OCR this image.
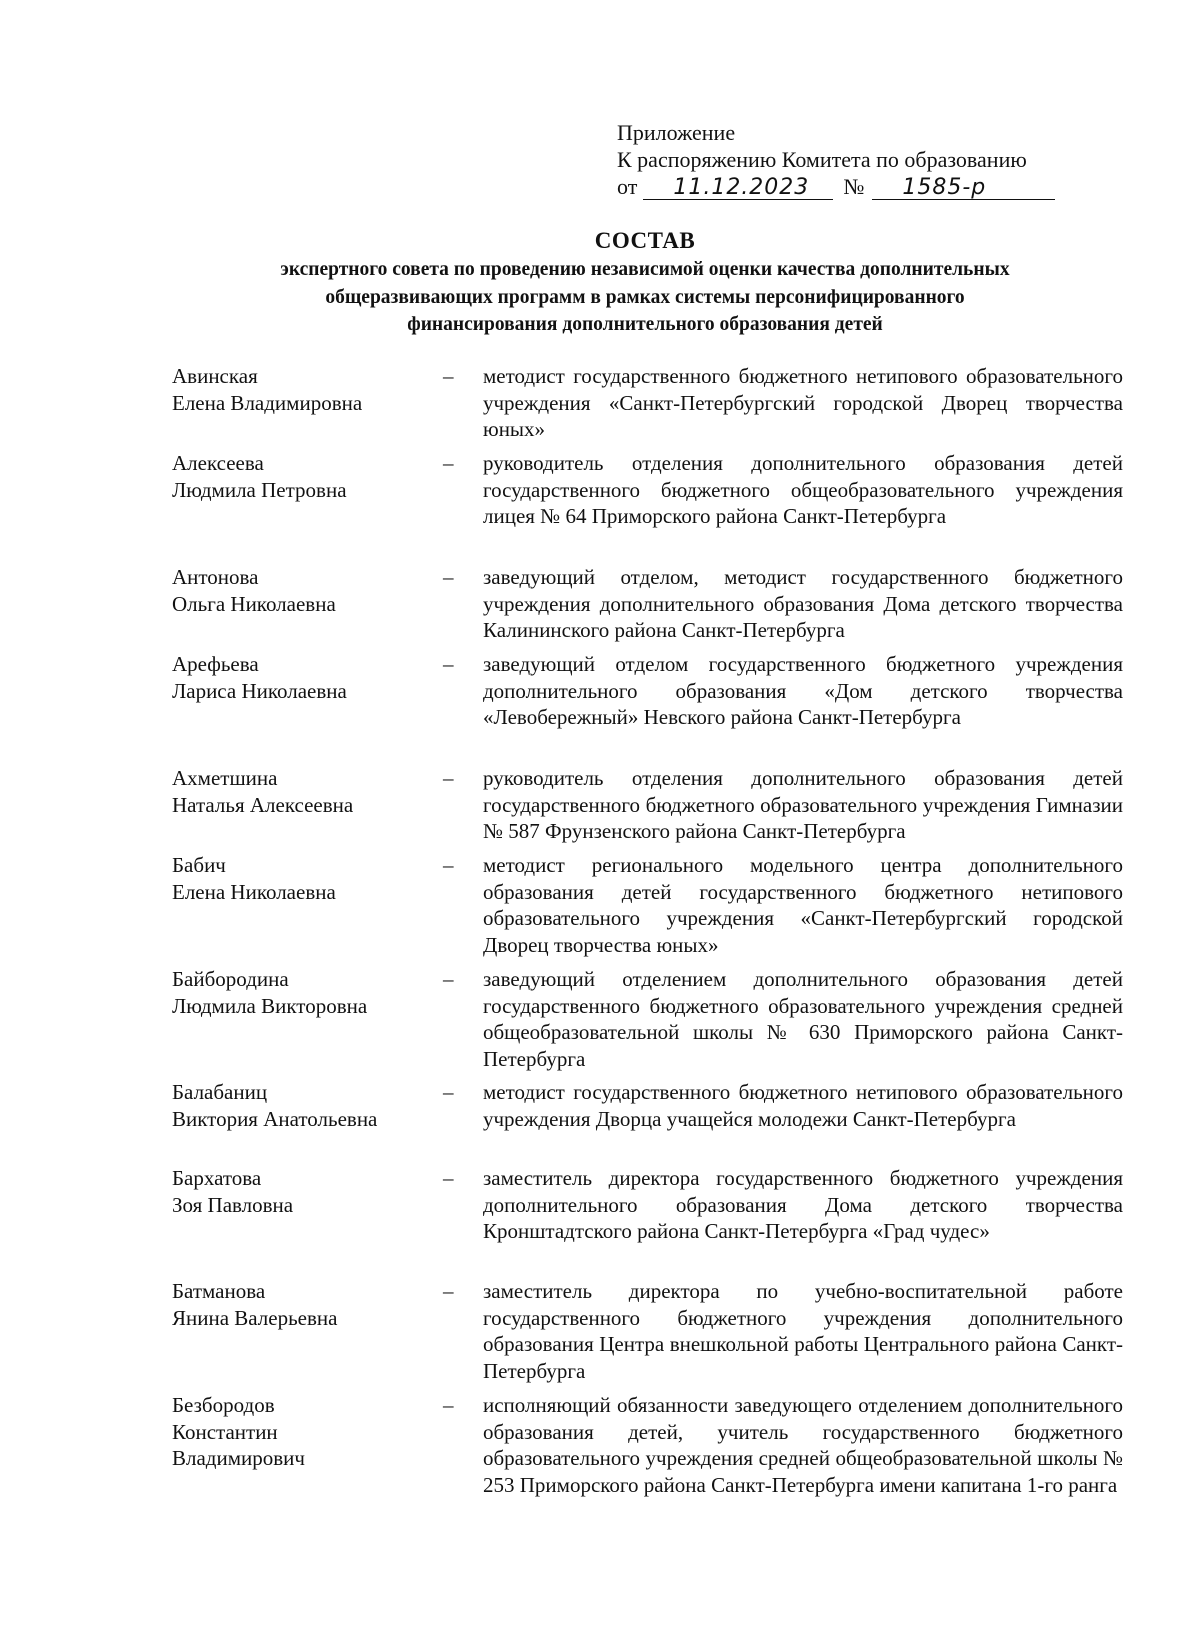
Приложение
К распоряжению Комитета по образованию
от	11.12.2023	№	1585-р
СОСТАВ
экспертного совета по проведению независимой оценки качества дополнительных
общеразвивающих программ в рамках системы персонифицированного
финансирования дополнительного образования детей
Авинская
Елена Владимировна
– методист государственного бюджетного нетипового образовательного учреждения «Санкт-Петербургский городской Дворец творчества юных»
Алексеева
Людмила Петровна
– руководитель отделения дополнительного образования детей государственного бюджетного общеобразовательного учреждения лицея № 64 Приморского района Санкт-Петербурга
Антонова
Ольга Николаевна
– заведующий отделом, методист государственного бюджетного учреждения дополнительного образования Дома детского творчества Калининского района Санкт-Петербурга
Арефьева
Лариса Николаевна
– заведующий отделом государственного бюджетного учреждения дополнительного образования «Дом детского творчества «Левобережный» Невского района Санкт-Петербурга
Ахметшина
Наталья Алексеевна
– руководитель отделения дополнительного образования детей государственного бюджетного образовательного учреждения Гимназии № 587 Фрунзенского района Санкт-Петербурга
Бабич
Елена Николаевна
– методист регионального модельного центра дополнительного образования детей государственного бюджетного нетипового образовательного учреждения «Санкт-Петербургский городской Дворец творчества юных»
Байбородина
Людмила Викторовна
– заведующий отделением дополнительного образования детей государственного бюджетного образовательного учреждения средней общеобразовательной школы № 630 Приморского района Санкт-Петербурга
Балабаниц
Виктория Анатольевна
– методист государственного бюджетного нетипового образовательного учреждения Дворца учащейся молодежи Санкт-Петербурга
Бархатова
Зоя Павловна
– заместитель директора государственного бюджетного учреждения дополнительного образования Дома детского творчества Кронштадтского района Санкт-Петербурга «Град чудес»
Батманова
Янина Валерьевна
– заместитель директора по учебно-воспитательной работе государственного бюджетного учреждения дополнительного образования Центра внешкольной работы Центрального района Санкт-Петербурга
Безбородов
Константин
Владимирович
– исполняющий обязанности заведующего отделением дополнительного образования детей, учитель государственного бюджетного образовательного учреждения средней общеобразовательной школы № 253 Приморского района Санкт-Петербурга имени капитана 1-го ранга
